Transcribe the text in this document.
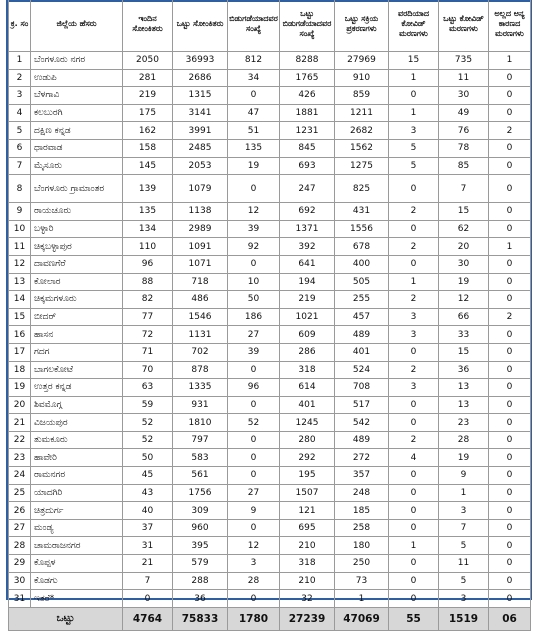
ಕ್ರ. ಸಂ	ಜಿಲ್ಲೆಯ ಹೆಸರು	ಇಂದಿನ ಸೋಂಕಿತರು	ಒಟ್ಟು ಸೋಂಕಿತರು	ಬಿಡುಗಡೆಯಾದವರ ಸಂಖ್ಯೆ	ಒಟ್ಟು ಬಿಡುಗಡೆಯಾದವರ ಸಂಖ್ಯೆ	ಒಟ್ಟು ಸಕ್ರಿಯ ಪ್ರಕರಣಗಳು	ವರದಿಯಾದ ಕೋವಿಡ್ ಮರಣಗಳು	ಒಟ್ಟು ಕೋವಿಡ್ ಮರಣಗಳು	ಅಲ್ಲದ ಅನ್ಯ ಕಾರಣದ ಮರಣಗಳು
1	ಬೆಂಗಳೂರು ನಗರ	2050	36993	812	8288	27969	15	735	1
2	ಉಡುಪಿ	281	2686	34	1765	910	1	11	0
3	ಬೆಳಗಾವಿ	219	1315	0	426	859	0	30	0
4	ಕಲಬುರಗಿ	175	3141	47	1881	1211	1	49	0
5	ದಕ್ಷಿಣ ಕನ್ನಡ	162	3991	51	1231	2682	3	76	2
6	ಧಾರವಾಡ	158	2485	135	845	1562	5	78	0
7	ಮೈಸೂರು	145	2053	19	693	1275	5	85	0
8	ಬೆಂಗಳೂರು ಗ್ರಾಮಾಂತರ	139	1079	0	247	825	0	7	0
9	ರಾಯಚೂರು	135	1138	12	692	431	2	15	0
10	ಬಳ್ಳಾರಿ	134	2989	39	1371	1556	0	62	0
11	ಚಿಕ್ಕಬಳ್ಳಾಪುರ	110	1091	92	392	678	2	20	1
12	ದಾವಣಗೆರೆ	96	1071	0	641	400	0	30	0
13	ಕೋಲಾರ	88	718	10	194	505	1	19	0
14	ಚಿಕ್ಕಮಗಳೂರು	82	486	50	219	255	2	12	0
15	ಬೀದರ್	77	1546	186	1021	457	3	66	2
16	ಹಾಸನ	72	1131	27	609	489	3	33	0
17	ಗದಗ	71	702	39	286	401	0	15	0
18	ಬಾಗಲಕೋಟೆ	70	878	0	318	524	2	36	0
19	ಉತ್ತರ ಕನ್ನಡ	63	1335	96	614	708	3	13	0
20	ಶಿವಮೊಗ್ಗ	59	931	0	401	517	0	13	0
21	ವಿಜಯಪುರ	52	1810	52	1245	542	0	23	0
22	ತುಮಕೂರು	52	797	0	280	489	2	28	0
23	ಹಾವೇರಿ	50	583	0	292	272	4	19	0
24	ರಾಮನಗರ	45	561	0	195	357	0	9	0
25	ಯಾದಗಿರಿ	43	1756	27	1507	248	0	1	0
26	ಚಿತ್ರದುರ್ಗ	40	309	9	121	185	0	3	0
27	ಮಂಡ್ಯ	37	960	0	695	258	0	7	0
28	ಚಾಮರಾಜನಗರ	31	395	12	210	180	1	5	0
29	ಕೊಪ್ಪಳ	21	579	3	318	250	0	11	0
30	ಕೊಡಗು	7	288	28	210	73	0	5	0
31	ಇತರೆ*	0	36	0	32	1	0	3	0
ಒಟ್ಟು		4764	75833	1780	27239	47069	55	1519	06
